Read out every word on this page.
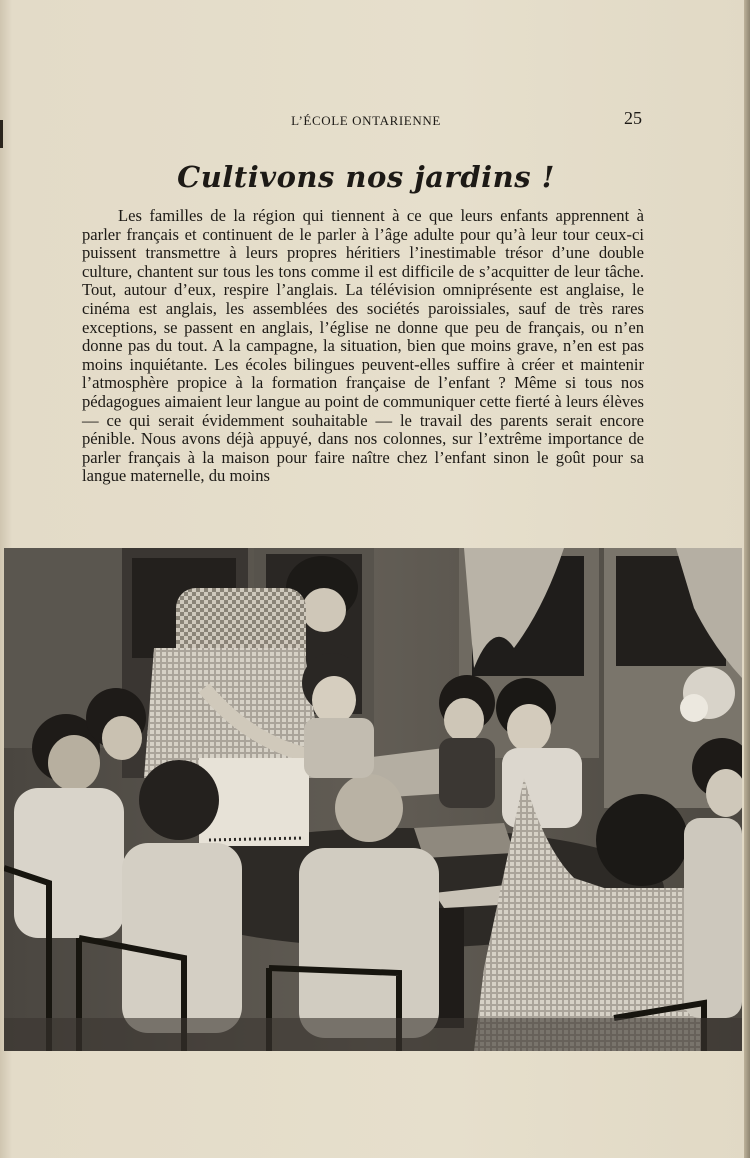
L’ÉCOLE ONTARIENNE	25
Cultivons nos jardins !

Les familles de la région qui tiennent à ce que leurs enfants apprennent à parler français et continuent de le parler à l’âge adulte pour qu’à leur tour ceux-ci puissent transmettre à leurs propres héritiers l’inestimable trésor d’une double culture, chantent sur tous les tons comme il est difficile de s’acquitter de leur tâche. Tout, autour d’eux, respire l’anglais. La télévision omniprésente est anglaise, le cinéma est anglais, les assemblées des sociétés paroissiales, sauf de très rares exceptions, se passent en anglais, l’église ne donne que peu de français, ou n’en donne pas du tout. A la campagne, la situation, bien que moins grave, n’en est pas moins inquiétante. Les écoles bilingues peuvent-elles suffire à créer et maintenir l’atmosphère propice à la formation française de l’enfant ? Même si tous nos pédagogues aimaient leur langue au point de communiquer cette fierté à leurs élèves — ce qui serait évidemment souhaitable — le travail des parents serait encore pénible. Nous avons déjà appuyé, dans nos colonnes, sur l’extrême importance de parler français à la maison pour faire naître chez l’enfant sinon le goût pour sa langue maternelle, du moins
